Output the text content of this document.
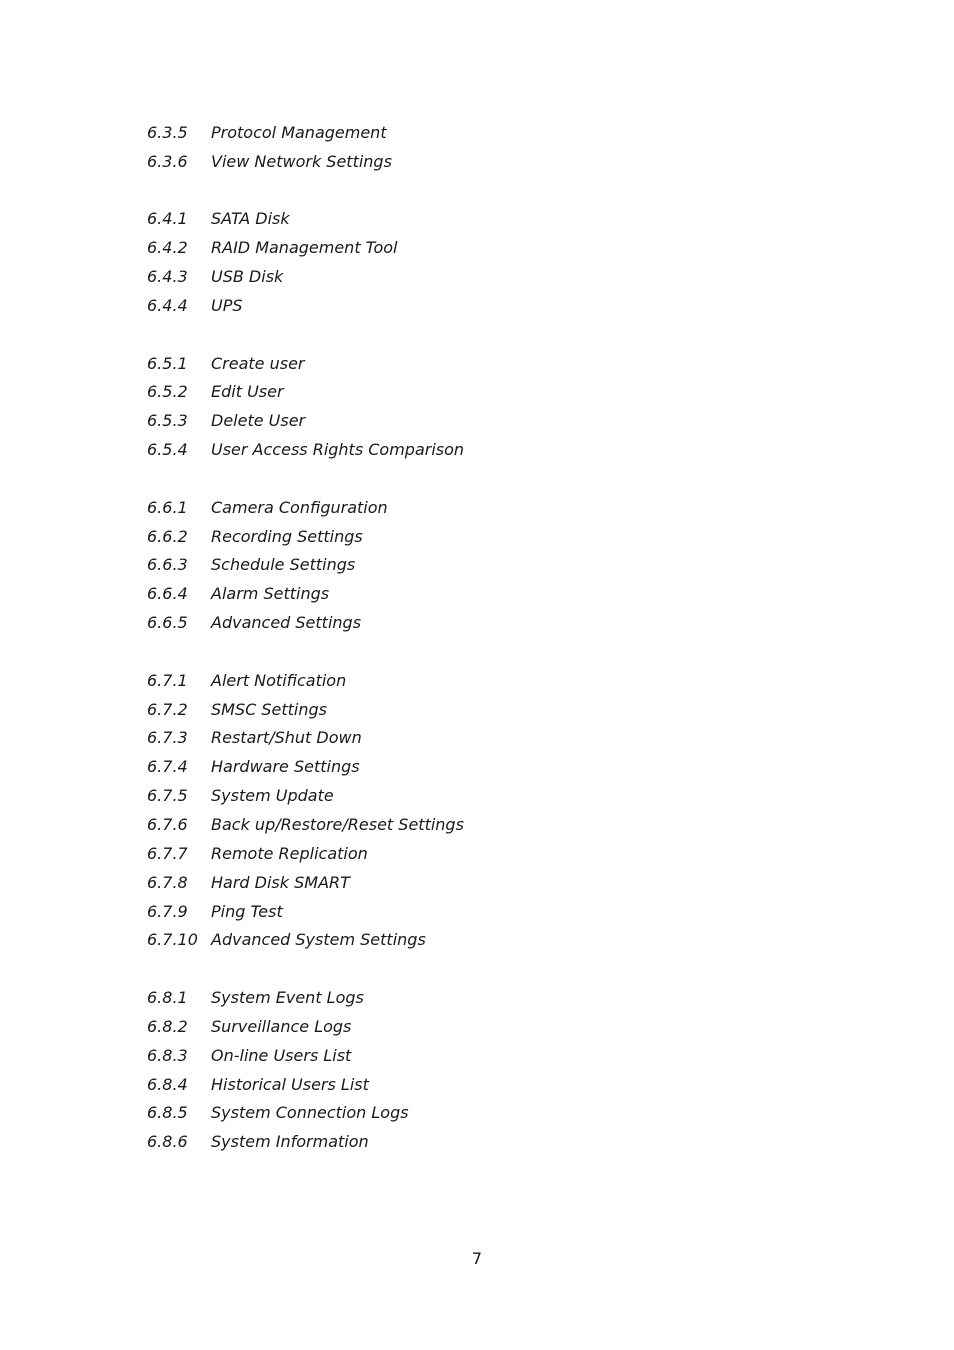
6.3.5	Protocol Management
6.3.6	View Network Settings
6.4.1	SATA Disk
6.4.2	RAID Management Tool
6.4.3	USB Disk
6.4.4	UPS
6.5.1	Create user
6.5.2	Edit User
6.5.3	Delete User
6.5.4	User Access Rights Comparison
6.6.1	Camera Configuration
6.6.2	Recording Settings
6.6.3	Schedule Settings
6.6.4	Alarm Settings
6.6.5	Advanced Settings
6.7.1	Alert Notification
6.7.2	SMSC Settings
6.7.3	Restart/Shut Down
6.7.4	Hardware Settings
6.7.5	System Update
6.7.6	Back up/Restore/Reset Settings
6.7.7	Remote Replication
6.7.8	Hard Disk SMART
6.7.9	Ping Test
6.7.10 Advanced System Settings
6.8.1	System Event Logs
6.8.2	Surveillance Logs
6.8.3	On-line Users List
6.8.4	Historical Users List
6.8.5	System Connection Logs
6.8.6	System Information
7
